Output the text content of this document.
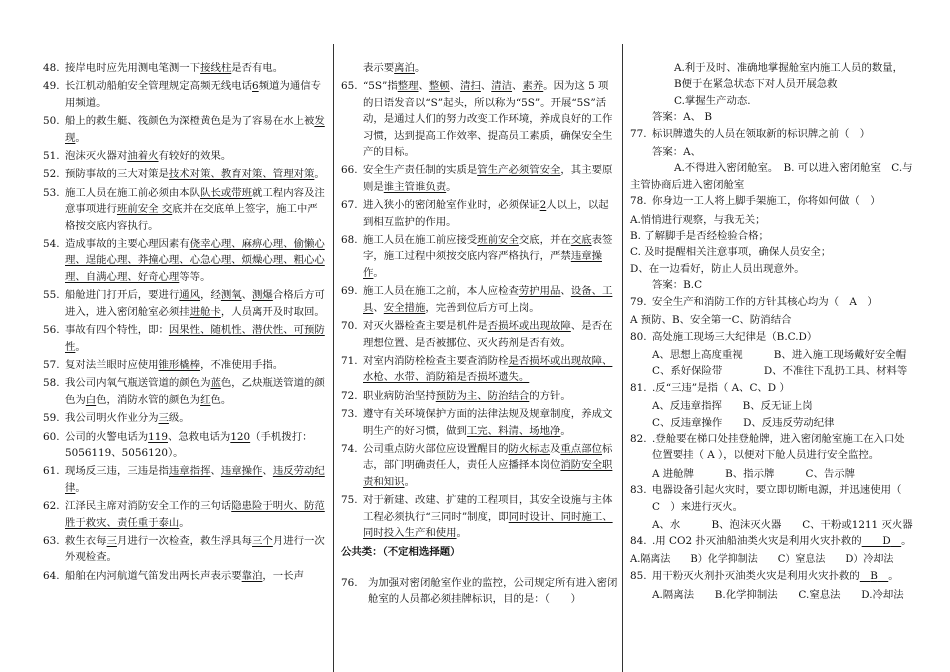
48. 接岸电时应先用测电笔测一下接线柱是否有电。
49. 长江机动船舶安全管理规定高频无线电话6频道为通信专用频道。
50. 船上的救生艇、筏颜色为深橙黄色是为了容易在水上被发现。
51. 泡沫灭火器对油着火有较好的效果。
52. 预防事故的三大对策是技术对策、教育对策、管理对策。
53. 施工人员在施工前必须由本队队长或带班就工程内容及注意事项进行班前安全 交底并在交底单上签字，施工中严格按交底内容执行。
54. 造成事故的主要心理因素有侥幸心理、麻痹心理、偷懒心理、逞能心理、莽撞心理、心急心理、烦燥心理、粗心心理、自满心理、好奇心理等等。
55. 船舱进门打开后，要进行通风，经测氧、测爆合格后方可进入，进入密闭舱室必须挂进舱卡，人员离开及时取回。
56. 事故有四个特性，即：因果性、随机性、潜伏性、可预防性。
57. 复对法兰眼时应使用锥形橇棒，不准使用手指。
58. 我公司内氧气瓶送管道的颜色为蓝色，乙炔瓶送管道的颜色为白色，消防水管的颜色为红色。
59. 我公司明火作业分为三级。
60. 公司的火警电话为119、急救电话为120（手机拨打：5056119、5056120）。
61. 现场反三违，三违是指违章指挥、违章操作、违反劳动纪律。
62. 江泽民主席对消防安全工作的三句话隐患险于明火、防范胜于救灾、责任重于泰山。
63. 救生衣每三月进行一次检查，救生浮具每三个月进行一次外观检查。
64. 船舶在内河航道气笛发出两长声表示要靠泊，一长声
表示要离泊。
65. “5S”指整理、整顿、清扫、清洁、素养。因为这 5 项的日语发音以“S”起头，所以称为“5S”。开展“5S”活动，是通过人们的努力改变工作环境，养成良好的工作习惯，达到提高工作效率、提高员工素质，确保安全生产的目标。
66. 安全生产责任制的实质是管生产必须管安全，其主要原则是谁主管谁负责。
67. 进入狭小的密闭舱室作业时，必须保证2人以上，以起到相互监护的作用。
68. 施工人员在施工前应接受班前安全交底，并在交底表签字，施工过程中须按交底内容严格执行，严禁违章操作。
69. 施工人员在施工之前，本人应检查劳护用品、设备、工具、安全措施，完善到位后方可上岗。
70. 对灭火器检查主要是机件是否损坏或出现故障、是否在理想位置、是否被挪位、灭火药剂是否有效。
71. 对室内消防栓检查主要查消防栓是否损坏或出现故障、水枪、水带、消防箱是否损坏遗失。
72. 职业病防治坚持预防为主、防治结合的方针。
73. 遵守有关环境保护方面的法律法规及规章制度，养成文明生产的好习惯，做到工完、料清、场地净。
74. 公司重点防火部位应设置醒目的防火标志及重点部位标志，部门明确责任人，责任人应播择本岗位消防安全职责和知识。
75. 对于新建、改建、扩建的工程项目，其安全设施与主体工程必须执行“三同时”制度，即同时设计、同时施工、同时投入生产和使用。
公共类：（不定相选择题）
76.	为加强对密闭舱室作业的监控，公司规定所有进入密闭舱室的人员都必须挂牌标识，目的是：（　　）
A.利于及时、准确地掌握舱室内施工人员的数量，
B便于在紧急状态下对人员开展急救
C.掌握生产动态.
答案：A、 B
77. 标识牌遗失的人员在领取新的标识牌之前（　）
答案：A、
A.不得进入密闭舱室。　B. 可以进入密闭舱室　C.与主管协商后进入密闭舱室
78. 你身边一工人将上脚手架施工，你将如何做（　）
A.悄悄进行观察，与我无关；
B. 了解脚手是否经检验合格；
C. 及时提醒相关注意事项，确保人员安全；
D、在一边看好，防止人员出现意外。
答案：B.C
79. 安全生产和消防工作的方针其核心均为（　A　）
A 预防、B、安全第一C、防消结合
80. 高处施工现场三大纪律是（B.C.D）
A、思想上高度重视　　　B、进入施工现场戴好安全帽
C、系好保险带　　　　D、不准往下乱扔工具、材料等
81. .反“三违”是指（ A、C、D ）
A、反违章指挥　　B、反无证上岗
C、反违章操作　　D、反违反劳动纪律
82. .登舱要在梯口处挂登舱牌，进入密闭舱室施工在入口处位置要挂（ A ），以便对下舱人员进行安全监控。
A 进舱牌　　　B、指示牌　　　C、告示牌
83. 电器设备引起火灾时，要立即切断电源，并迅速使用（　C　）来进行灭火。
A、水　　　B、泡沫灭火器　　C、干粉或1211 灭火器
84. .用 CO2 扑灭油船油类火灾是利用火灾扑救的　　 D　 。
A.隔离法　　B）化学抑制法　　C）窒息法　　D）冷却法
85. 用干粉灭火剂扑灭油类火灾是利用火灾扑救的　 B　 。
A.隔离法　　B.化学抑制法　　C.窒息法　　D.冷却法
